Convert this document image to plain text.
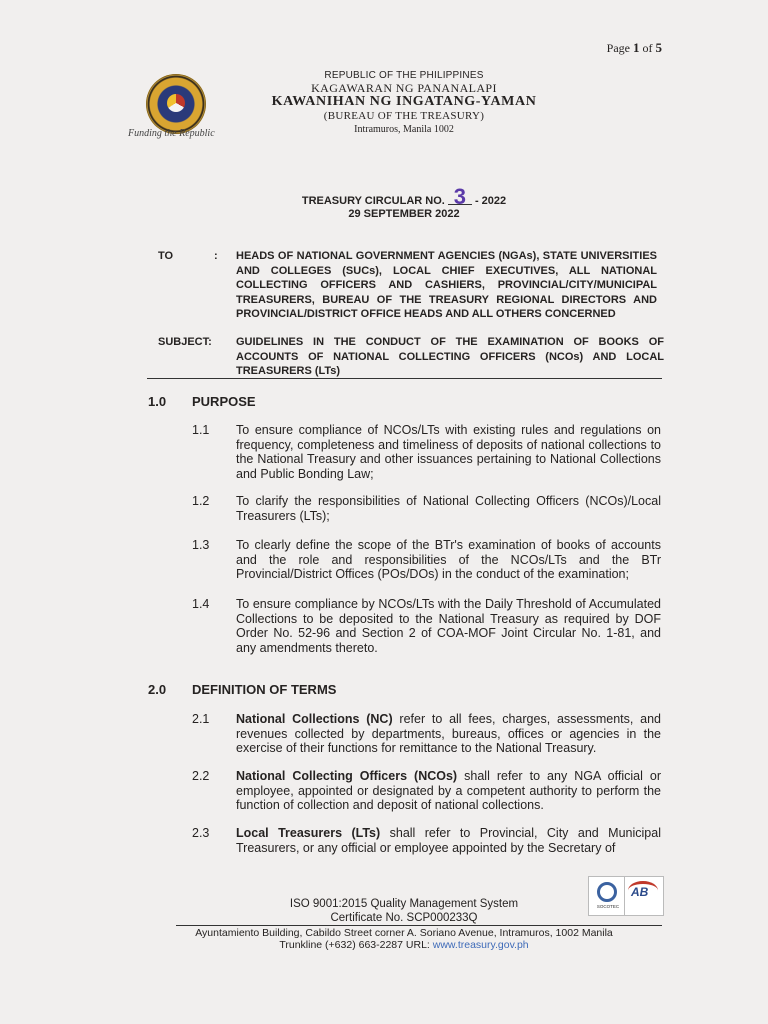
Page 1 of 5
Funding the Republic
REPUBLIC OF THE PHILIPPINES
KAGAWARAN NG PANANALAPI
KAWANIHAN NG INGATANG-YAMAN
(BUREAU OF THE TREASURY)
Intramuros, Manila 1002
TREASURY CIRCULAR NO. 3 - 2022
29 SEPTEMBER 2022
TO	: HEADS OF NATIONAL GOVERNMENT AGENCIES (NGAs), STATE UNIVERSITIES AND COLLEGES (SUCs), LOCAL CHIEF EXECUTIVES, ALL NATIONAL COLLECTING OFFICERS AND CASHIERS, PROVINCIAL/CITY/MUNICIPAL TREASURERS, BUREAU OF THE TREASURY REGIONAL DIRECTORS AND PROVINCIAL/DISTRICT OFFICE HEADS AND ALL OTHERS CONCERNED
SUBJECT: GUIDELINES IN THE CONDUCT OF THE EXAMINATION OF BOOKS OF ACCOUNTS OF NATIONAL COLLECTING OFFICERS (NCOs) AND LOCAL TREASURERS (LTs)
1.0 PURPOSE
1.1 To ensure compliance of NCOs/LTs with existing rules and regulations on frequency, completeness and timeliness of deposits of national collections to the National Treasury and other issuances pertaining to National Collections and Public Bonding Law;
1.2 To clarify the responsibilities of National Collecting Officers (NCOs)/Local Treasurers (LTs);
1.3 To clearly define the scope of the BTr's examination of books of accounts and the role and responsibilities of the NCOs/LTs and the BTr Provincial/District Offices (POs/DOs) in the conduct of the examination;
1.4 To ensure compliance by NCOs/LTs with the Daily Threshold of Accumulated Collections to be deposited to the National Treasury as required by DOF Order No. 52-96 and Section 2 of COA-MOF Joint Circular No. 1-81, and any amendments thereto.
2.0 DEFINITION OF TERMS
2.1 National Collections (NC) refer to all fees, charges, assessments, and revenues collected by departments, bureaus, offices or agencies in the exercise of their functions for remittance to the National Treasury.
2.2 National Collecting Officers (NCOs) shall refer to any NGA official or employee, appointed or designated by a competent authority to perform the function of collection and deposit of national collections.
2.3 Local Treasurers (LTs) shall refer to Provincial, City and Municipal Treasurers, or any official or employee appointed by the Secretary of
ISO 9001:2015 Quality Management System
Certificate No. SCP000233Q
SOCOTEC
AB
Ayuntamiento Building, Cabildo Street corner A. Soriano Avenue, Intramuros, 1002 Manila
Trunkline (+632) 663-2287 URL: www.treasury.gov.ph
